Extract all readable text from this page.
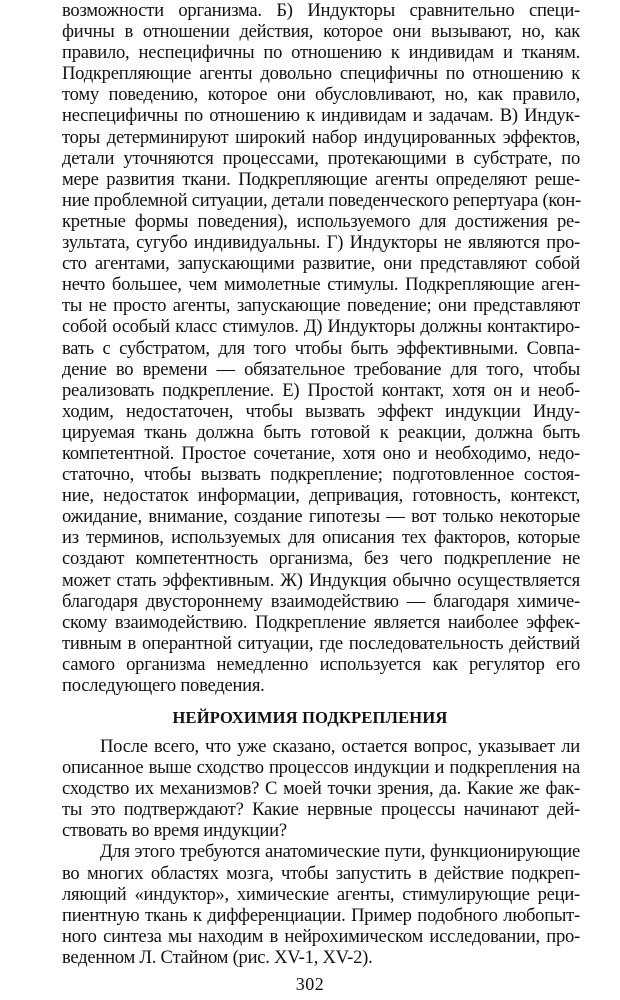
возможности организма. Б) Индукторы сравнительно специ-
фичны в отношении действия, которое они вызывают, но, как
правило, неспецифичны по отношению к индивидам и тканям.
Подкрепляющие агенты довольно специфичны по отношению к
тому поведению, которое они обусловливают, но, как правило,
неспецифичны по отношению к индивидам и задачам. В) Индук-
торы детерминируют широкий набор индуцированных эффектов,
детали уточняются процессами, протекающими в субстрате, по
мере развития ткани. Подкрепляющие агенты определяют реше-
ние проблемной ситуации, детали поведенческого репертуара (кон-
кретные формы поведения), используемого для достижения ре-
зультата, сугубо индивидуальны. Г) Индукторы не являются про-
сто агентами, запускающими развитие, они представляют собой
нечто большее, чем мимолетные стимулы. Подкрепляющие аген-
ты не просто агенты, запускающие поведение; они представляют
собой особый класс стимулов. Д) Индукторы должны контактиро-
вать с субстратом, для того чтобы быть эффективными. Совпа-
дение во времени — обязательное требование для того, чтобы
реализовать подкрепление. Е) Простой контакт, хотя он и необ-
ходим, недостаточен, чтобы вызвать эффект индукции Инду-
цируемая ткань должна быть готовой к реакции, должна быть
компетентной. Простое сочетание, хотя оно и необходимо, недо-
статочно, чтобы вызвать подкрепление; подготовленное состоя-
ние, недостаток информации, депривация, готовность, контекст,
ожидание, внимание, создание гипотезы — вот только некоторые
из терминов, используемых для описания тех факторов, которые
создают компетентность организма, без чего подкрепление не
может стать эффективным. Ж) Индукция обычно осуществляется
благодаря двустороннему взаимодействию — благодаря химиче-
скому взаимодействию. Подкрепление является наиболее эффек-
тивным в оперантной ситуации, где последовательность действий
самого организма немедленно используется как регулятор его
последующего поведения.
НЕЙРОХИМИЯ ПОДКРЕПЛЕНИЯ
После всего, что уже сказано, остается вопрос, указывает ли
описанное выше сходство процессов индукции и подкрепления на
сходство их механизмов? С моей точки зрения, да. Какие же фак-
ты это подтверждают? Какие нервные процессы начинают дей-
ствовать во время индукции?
Для этого требуются анатомические пути, функционирующие
во многих областях мозга, чтобы запустить в действие подкреп-
ляющий «индуктор», химические агенты, стимулирующие реци-
пиентную ткань к дифференциации. Пример подобного любопыт-
ного синтеза мы находим в нейрохимическом исследовании, про-
веденном Л. Стайном (рис. XV-1, XV-2).
302
